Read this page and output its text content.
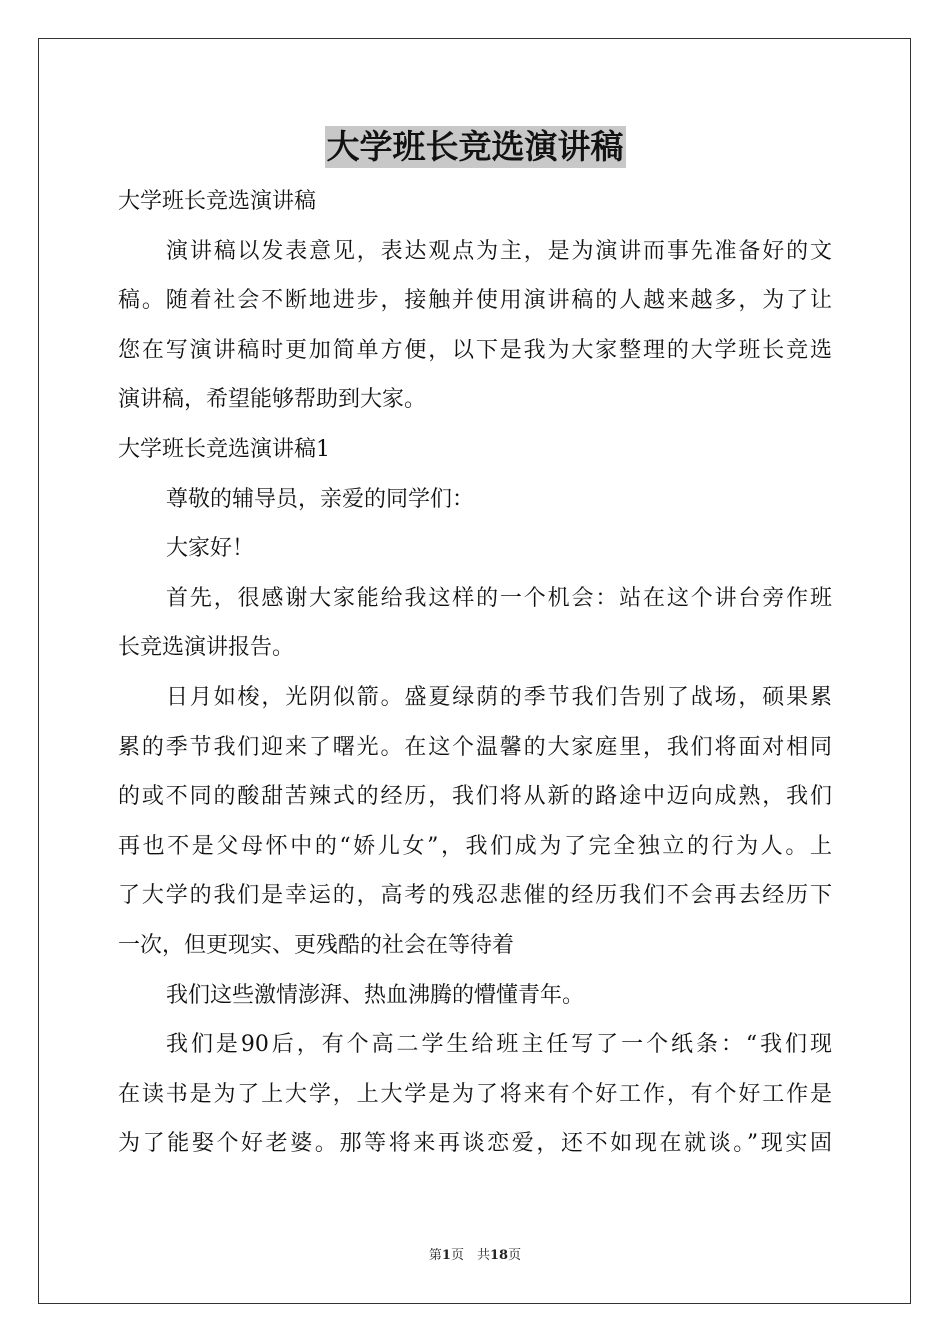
大学班长竞选演讲稿
大学班长竞选演讲稿
演讲稿以发表意见，表达观点为主，是为演讲而事先准备好的文
稿。随着社会不断地进步，接触并使用演讲稿的人越来越多，为了让
您在写演讲稿时更加简单方便，以下是我为大家整理的大学班长竞选
演讲稿，希望能够帮助到大家。
大学班长竞选演讲稿1
尊敬的辅导员，亲爱的同学们：
大家好！
首先，很感谢大家能给我这样的一个机会：站在这个讲台旁作班
长竞选演讲报告。
日月如梭，光阴似箭。盛夏绿荫的季节我们告别了战场，硕果累
累的季节我们迎来了曙光。在这个温馨的大家庭里，我们将面对相同
的或不同的酸甜苦辣式的经历，我们将从新的路途中迈向成熟，我们
再也不是父母怀中的“娇儿女”，我们成为了完全独立的行为人。上
了大学的我们是幸运的，高考的残忍悲催的经历我们不会再去经历下
一次，但更现实、更残酷的社会在等待着
我们这些激情澎湃、热血沸腾的懵懂青年。
我们是90后，有个高二学生给班主任写了一个纸条：“我们现
在读书是为了上大学，上大学是为了将来有个好工作，有个好工作是
为了能娶个好老婆。那等将来再谈恋爱，还不如现在就谈。”现实固
第1页　共18页
